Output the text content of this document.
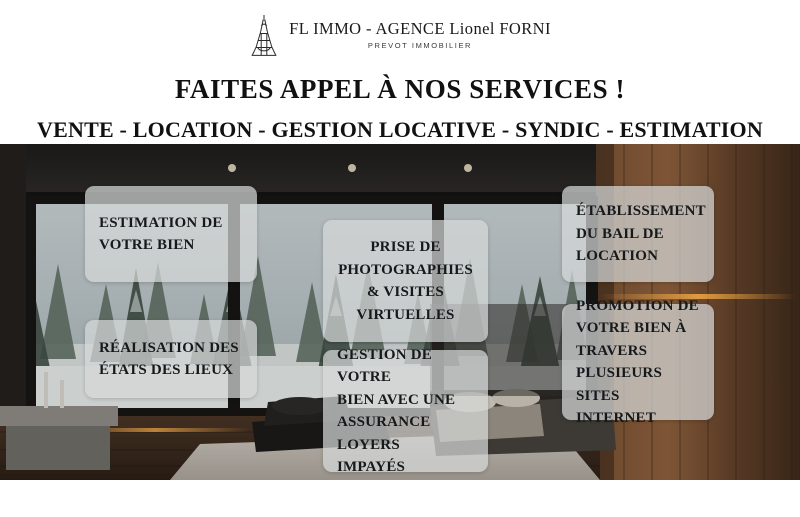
FL IMMO - AGENCE Lionel FORNI
PREVOT IMMOBILIER
FAITES APPEL À NOS SERVICES !
VENTE - LOCATION - GESTION LOCATIVE - SYNDIC - ESTIMATION
ESTIMATION DE
VOTRE BIEN
RÉALISATION DES
ÉTATS DES LIEUX
PRISE DE
PHOTOGRAPHIES
& VISITES
VIRTUELLES
GESTION DE VOTRE
BIEN AVEC UNE
ASSURANCE LOYERS
IMPAYÉS
ÉTABLISSEMENT
DU BAIL DE
LOCATION
PROMOTION DE
VOTRE BIEN À
TRAVERS PLUSIEURS
SITES INTERNET
